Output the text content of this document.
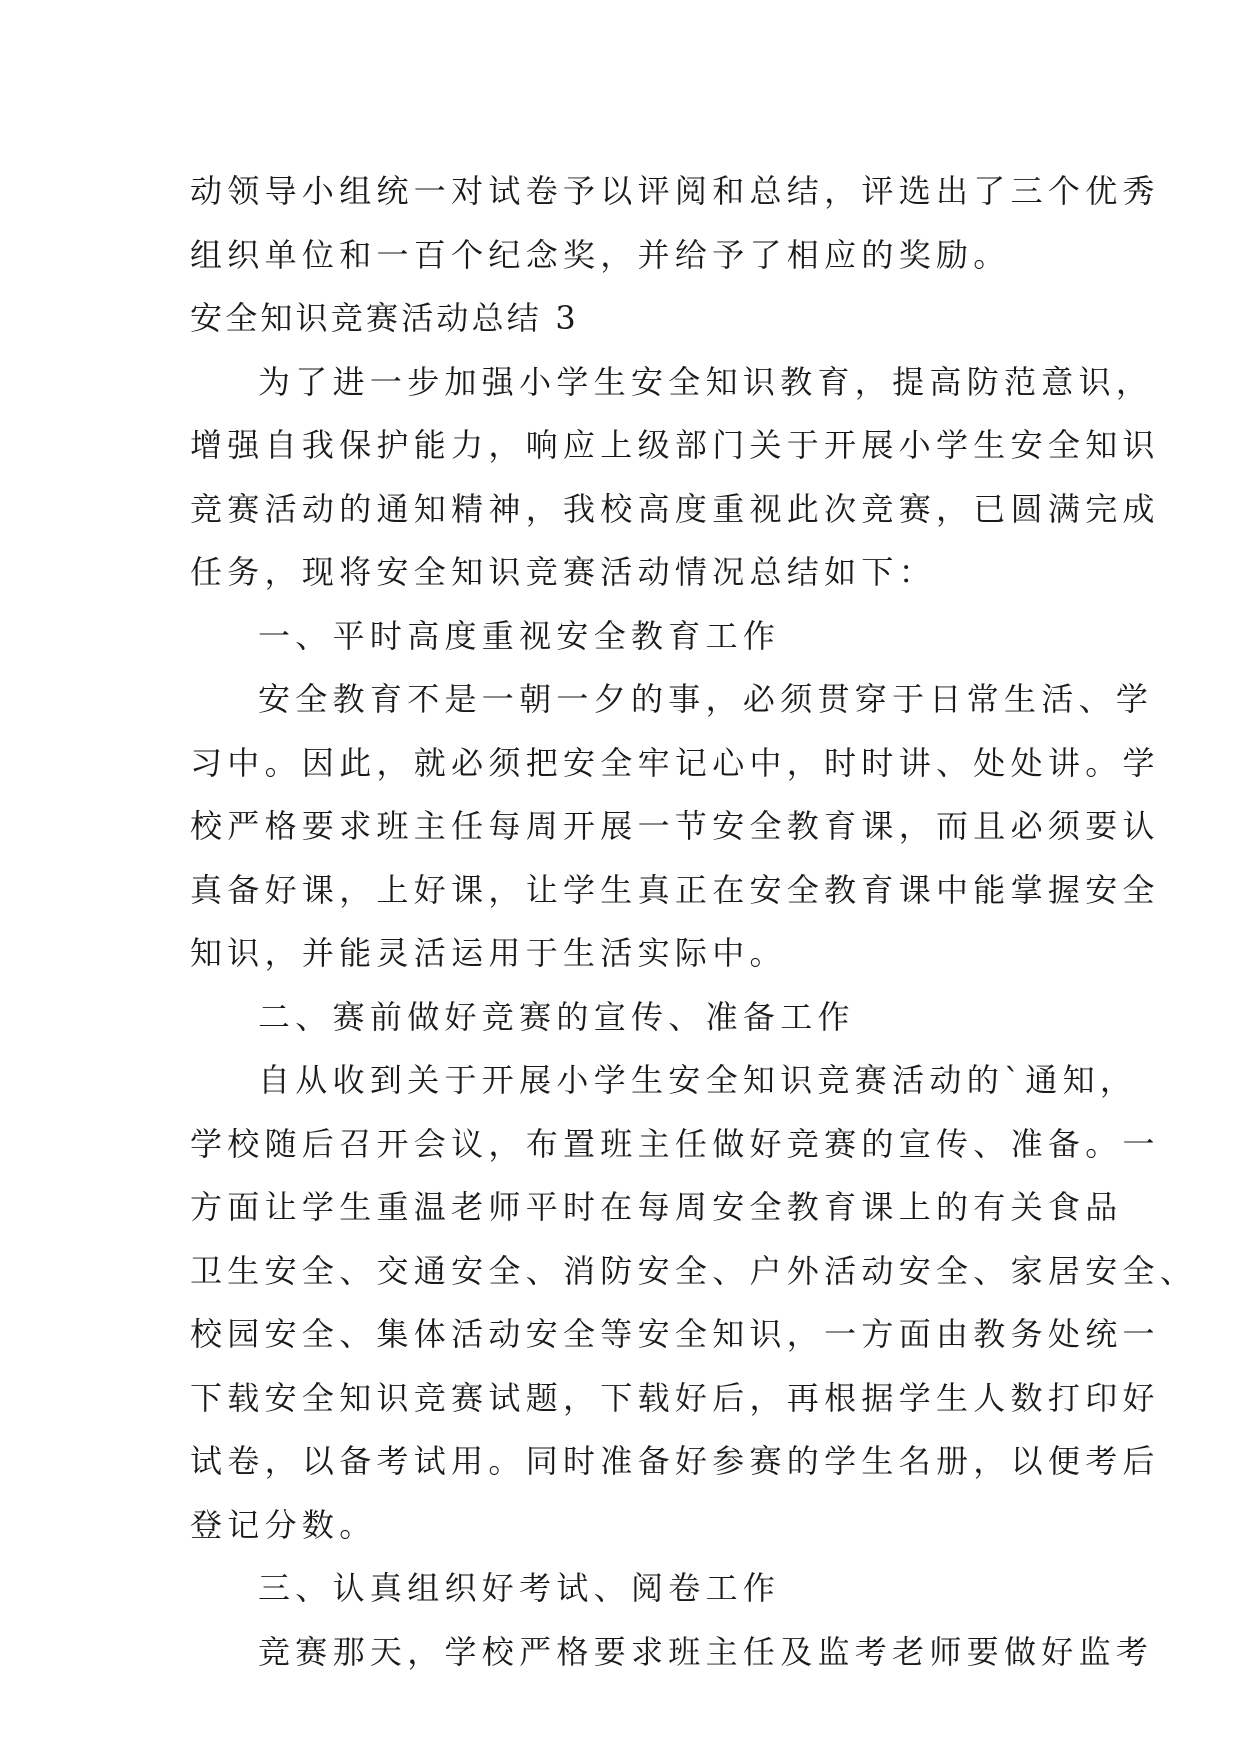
动领导小组统一对试卷予以评阅和总结，评选出了三个优秀
组织单位和一百个纪念奖，并给予了相应的奖励。
安全知识竞赛活动总结 3
为了进一步加强小学生安全知识教育，提高防范意识，
增强自我保护能力，响应上级部门关于开展小学生安全知识
竞赛活动的通知精神，我校高度重视此次竞赛，已圆满完成
任务，现将安全知识竞赛活动情况总结如下：
一、平时高度重视安全教育工作
安全教育不是一朝一夕的事，必须贯穿于日常生活、学
习中。因此，就必须把安全牢记心中，时时讲、处处讲。学
校严格要求班主任每周开展一节安全教育课，而且必须要认
真备好课，上好课，让学生真正在安全教育课中能掌握安全
知识，并能灵活运用于生活实际中。
二、赛前做好竞赛的宣传、准备工作
自从收到关于开展小学生安全知识竞赛活动的`通知，
学校随后召开会议，布置班主任做好竞赛的宣传、准备。一
方面让学生重温老师平时在每周安全教育课上的有关食品
卫生安全、交通安全、消防安全、户外活动安全、家居安全、
校园安全、集体活动安全等安全知识，一方面由教务处统一
下载安全知识竞赛试题，下载好后，再根据学生人数打印好
试卷，以备考试用。同时准备好参赛的学生名册，以便考后
登记分数。
三、认真组织好考试、阅卷工作
竞赛那天，学校严格要求班主任及监考老师要做好监考
